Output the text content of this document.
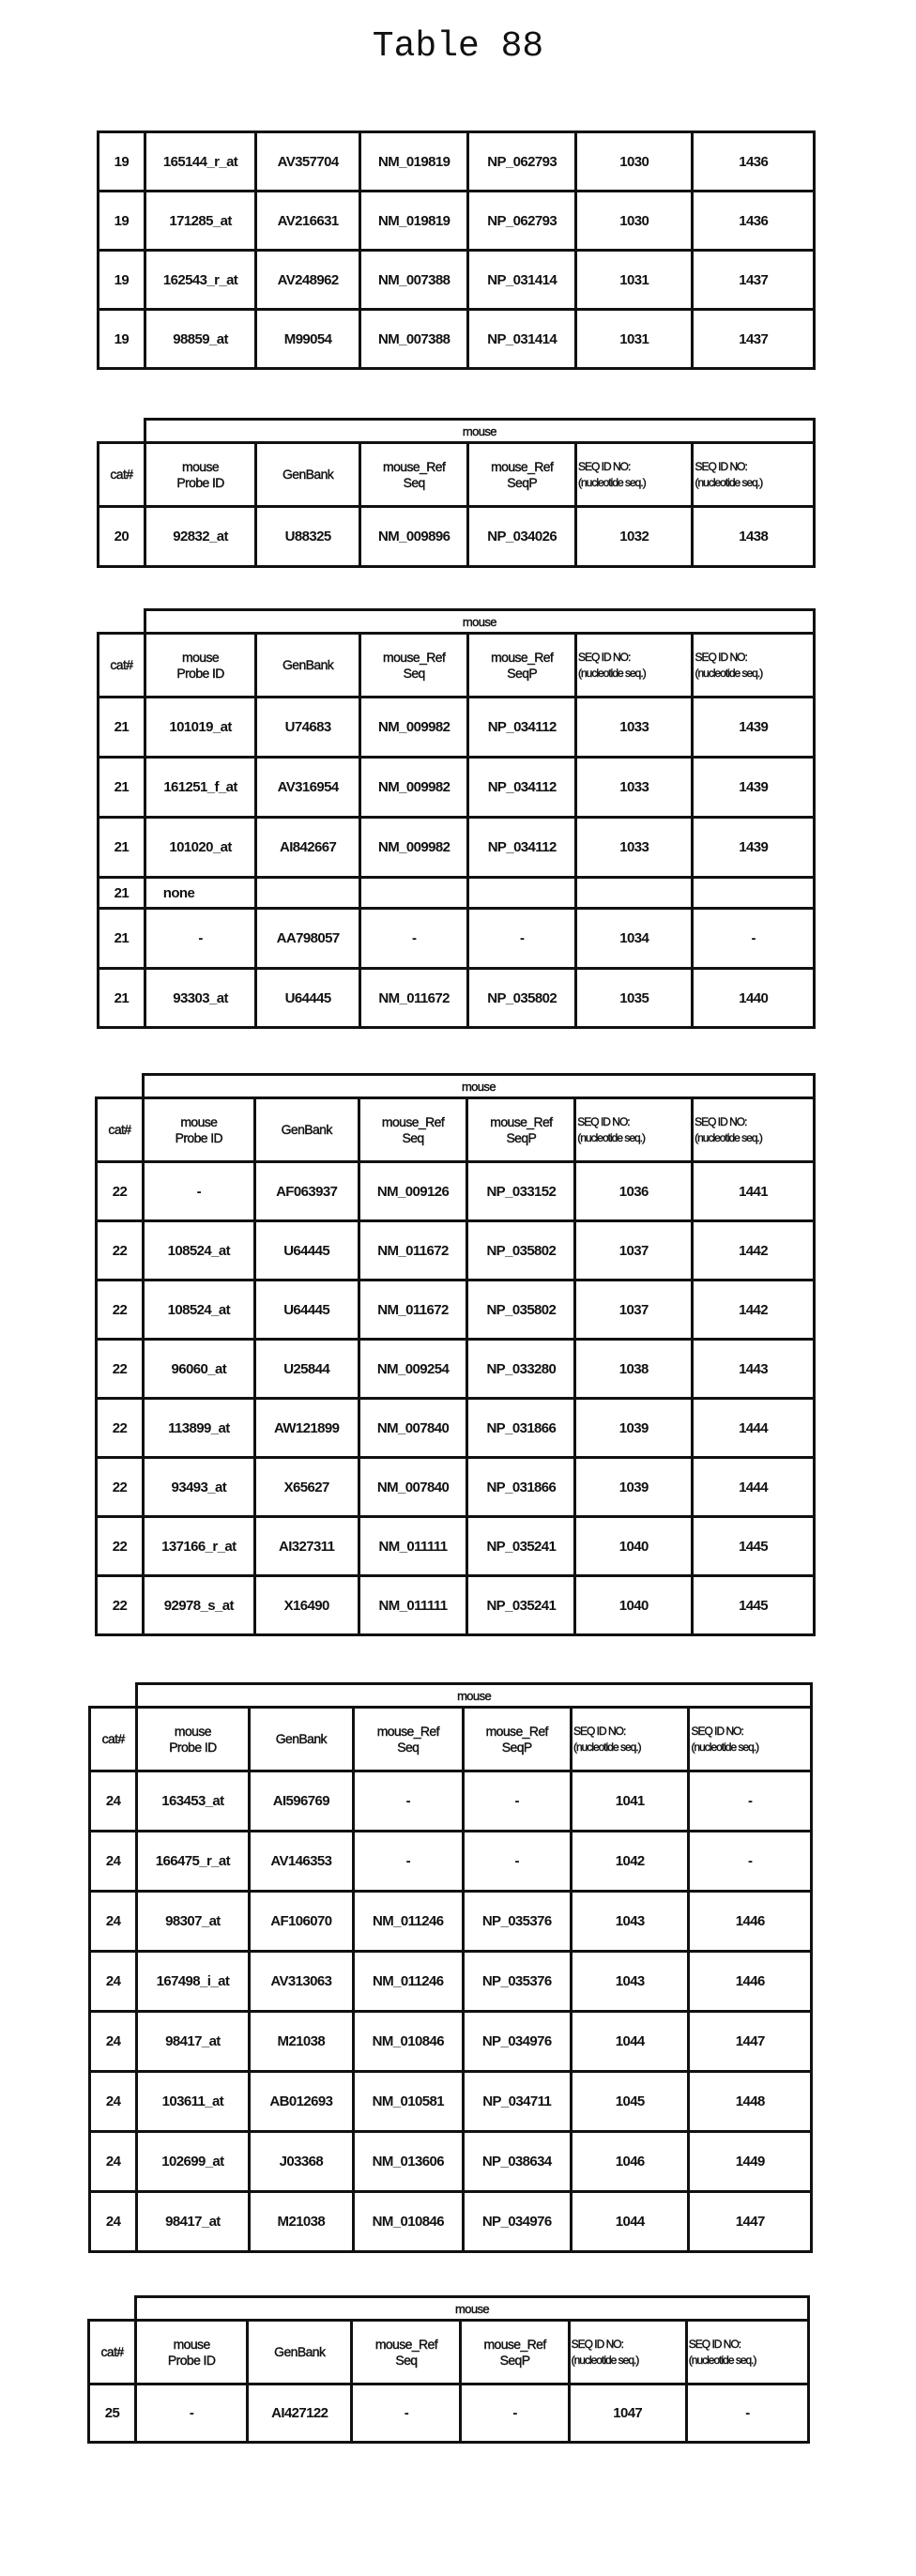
Table 88
19	165144_r_at	AV357704	NM_019819	NP_062793	1030	1436
19	171285_at	AV216631	NM_019819	NP_062793	1030	1436
19	162543_r_at	AV248962	NM_007388	NP_031414	1031	1437
19	98859_at	M99054	NM_007388	NP_031414	1031	1437
	mouse

cat#

mouse
Probe ID

GenBank

mouse_Ref
Seq

mouse_Ref
SeqP

SEQ ID NO:
(nucleotide seq.)

SEQ ID NO:
(nucleotide seq.)

20	92832_at	U88325	NM_009896	NP_034026	1032	1438
	mouse

cat#

mouse
Probe ID

GenBank

mouse_Ref
Seq

mouse_Ref
SeqP

SEQ ID NO:
(nucleotide seq.)

SEQ ID NO:
(nucleotide seq.)

21	101019_at	U74683	NM_009982	NP_034112	1033	1439
21	161251_f_at	AV316954	NM_009982	NP_034112	1033	1439
21	101020_at	AI842667	NM_009982	NP_034112	1033	1439
21	none					
21	-	AA798057	-	-	1034	-
21	93303_at	U64445	NM_011672	NP_035802	1035	1440
	mouse

cat#

mouse
Probe ID

GenBank

mouse_Ref
Seq

mouse_Ref
SeqP

SEQ ID NO:
(nucleotide seq.)

SEQ ID NO:
(nucleotide seq.)

22	-	AF063937	NM_009126	NP_033152	1036	1441
22	108524_at	U64445	NM_011672	NP_035802	1037	1442
22	108524_at	U64445	NM_011672	NP_035802	1037	1442
22	96060_at	U25844	NM_009254	NP_033280	1038	1443
22	113899_at	AW121899	NM_007840	NP_031866	1039	1444
22	93493_at	X65627	NM_007840	NP_031866	1039	1444
22	137166_r_at	AI327311	NM_011111	NP_035241	1040	1445
22	92978_s_at	X16490	NM_011111	NP_035241	1040	1445
	mouse

cat#

mouse
Probe ID

GenBank

mouse_Ref
Seq

mouse_Ref
SeqP

SEQ ID NO:
(nucleotide seq.)

SEQ ID NO:
(nucleotide seq.)

24	163453_at	AI596769	-	-	1041	-
24	166475_r_at	AV146353	-	-	1042	-
24	98307_at	AF106070	NM_011246	NP_035376	1043	1446
24	167498_i_at	AV313063	NM_011246	NP_035376	1043	1446
24	98417_at	M21038	NM_010846	NP_034976	1044	1447
24	103611_at	AB012693	NM_010581	NP_034711	1045	1448
24	102699_at	J03368	NM_013606	NP_038634	1046	1449
24	98417_at	M21038	NM_010846	NP_034976	1044	1447
	mouse

cat#

mouse
Probe ID

GenBank

mouse_Ref
Seq

mouse_Ref
SeqP

SEQ ID NO:
(nucleotide seq.)

SEQ ID NO:
(nucleotide seq.)

25	-	AI427122	-	-	1047	-
